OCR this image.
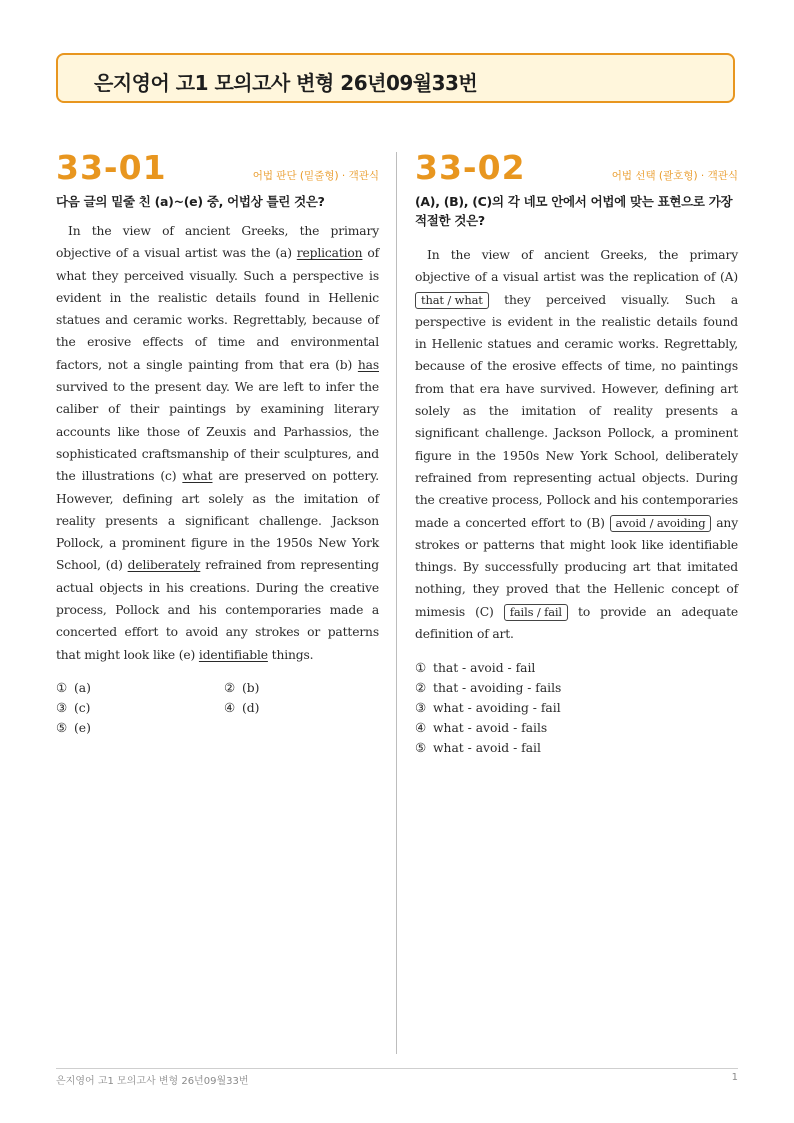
은지영어 고1 모의고사 변형 26년09월33번
33-01	어법 판단 (밑줄형) · 객관식
다음 글의 밑줄 친 (a)~(e) 중, 어법상 틀린 것은?
In the view of ancient Greeks, the primary objective of a visual artist was the (a) replication of what they perceived visually. Such a perspective is evident in the realistic details found in Hellenic statues and ceramic works. Regrettably, because of the erosive effects of time and environmental factors, not a single painting from that era (b) has survived to the present day. We are left to infer the caliber of their paintings by examining literary accounts like those of Zeuxis and Parhassios, the sophisticated craftsmanship of their sculptures, and the illustrations (c) what are preserved on pottery. However, defining art solely as the imitation of reality presents a significant challenge. Jackson Pollock, a prominent figure in the 1950s New York School, (d) deliberately refrained from representing actual objects in his creations. During the creative process, Pollock and his contemporaries made a concerted effort to avoid any strokes or patterns that might look like (e) identifiable things.
① (a)	② (b)
③ (c)	④ (d)
⑤ (e)
33-02	어법 선택 (괄호형) · 객관식
(A), (B), (C)의 각 네모 안에서 어법에 맞는 표현으로 가장 적절한 것은?
In the view of ancient Greeks, the primary objective of a visual artist was the replication of (A) that / what they perceived visually. Such a perspective is evident in the realistic details found in Hellenic statues and ceramic works. Regrettably, because of the erosive effects of time, no paintings from that era have survived. However, defining art solely as the imitation of reality presents a significant challenge. Jackson Pollock, a prominent figure in the 1950s New York School, deliberately refrained from representing actual objects. During the creative process, Pollock and his contemporaries made a concerted effort to (B) avoid / avoiding any strokes or patterns that might look like identifiable things. By successfully producing art that imitated nothing, they proved that the Hellenic concept of mimesis (C) fails / fail to provide an adequate definition of art.
① that - avoid - fail
② that - avoiding - fails
③ what - avoiding - fail
④ what - avoid - fails
⑤ what - avoid - fail
은지영어 고1 모의고사 변형 26년09월33번	1
